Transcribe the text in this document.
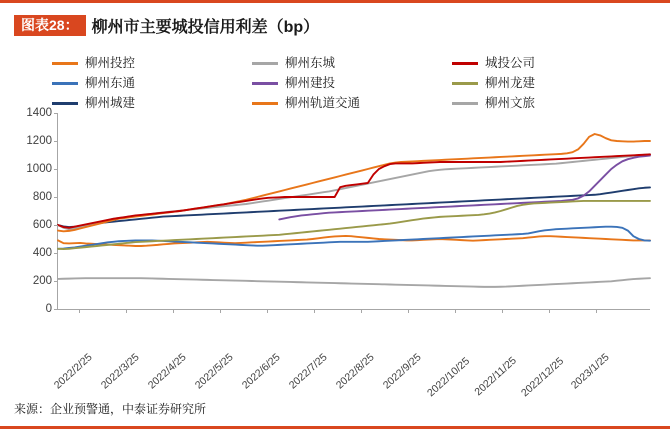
图表28： 柳州市主要城投信用利差（bp）
柳州投控	柳州东城	城投公司
柳州东通	柳州建投	柳州龙建
柳州城建	柳州轨道交通	柳州文旅
0
200
400
600
800
1000
1200
1400
2022/2/25 2022/3/25 2022/4/25 2022/5/25 2022/6/25 2022/7/25 2022/8/25 2022/9/25 2022/10/25 2022/11/25 2022/12/25 2023/1/25
来源：企业预警通，中泰证券研究所
